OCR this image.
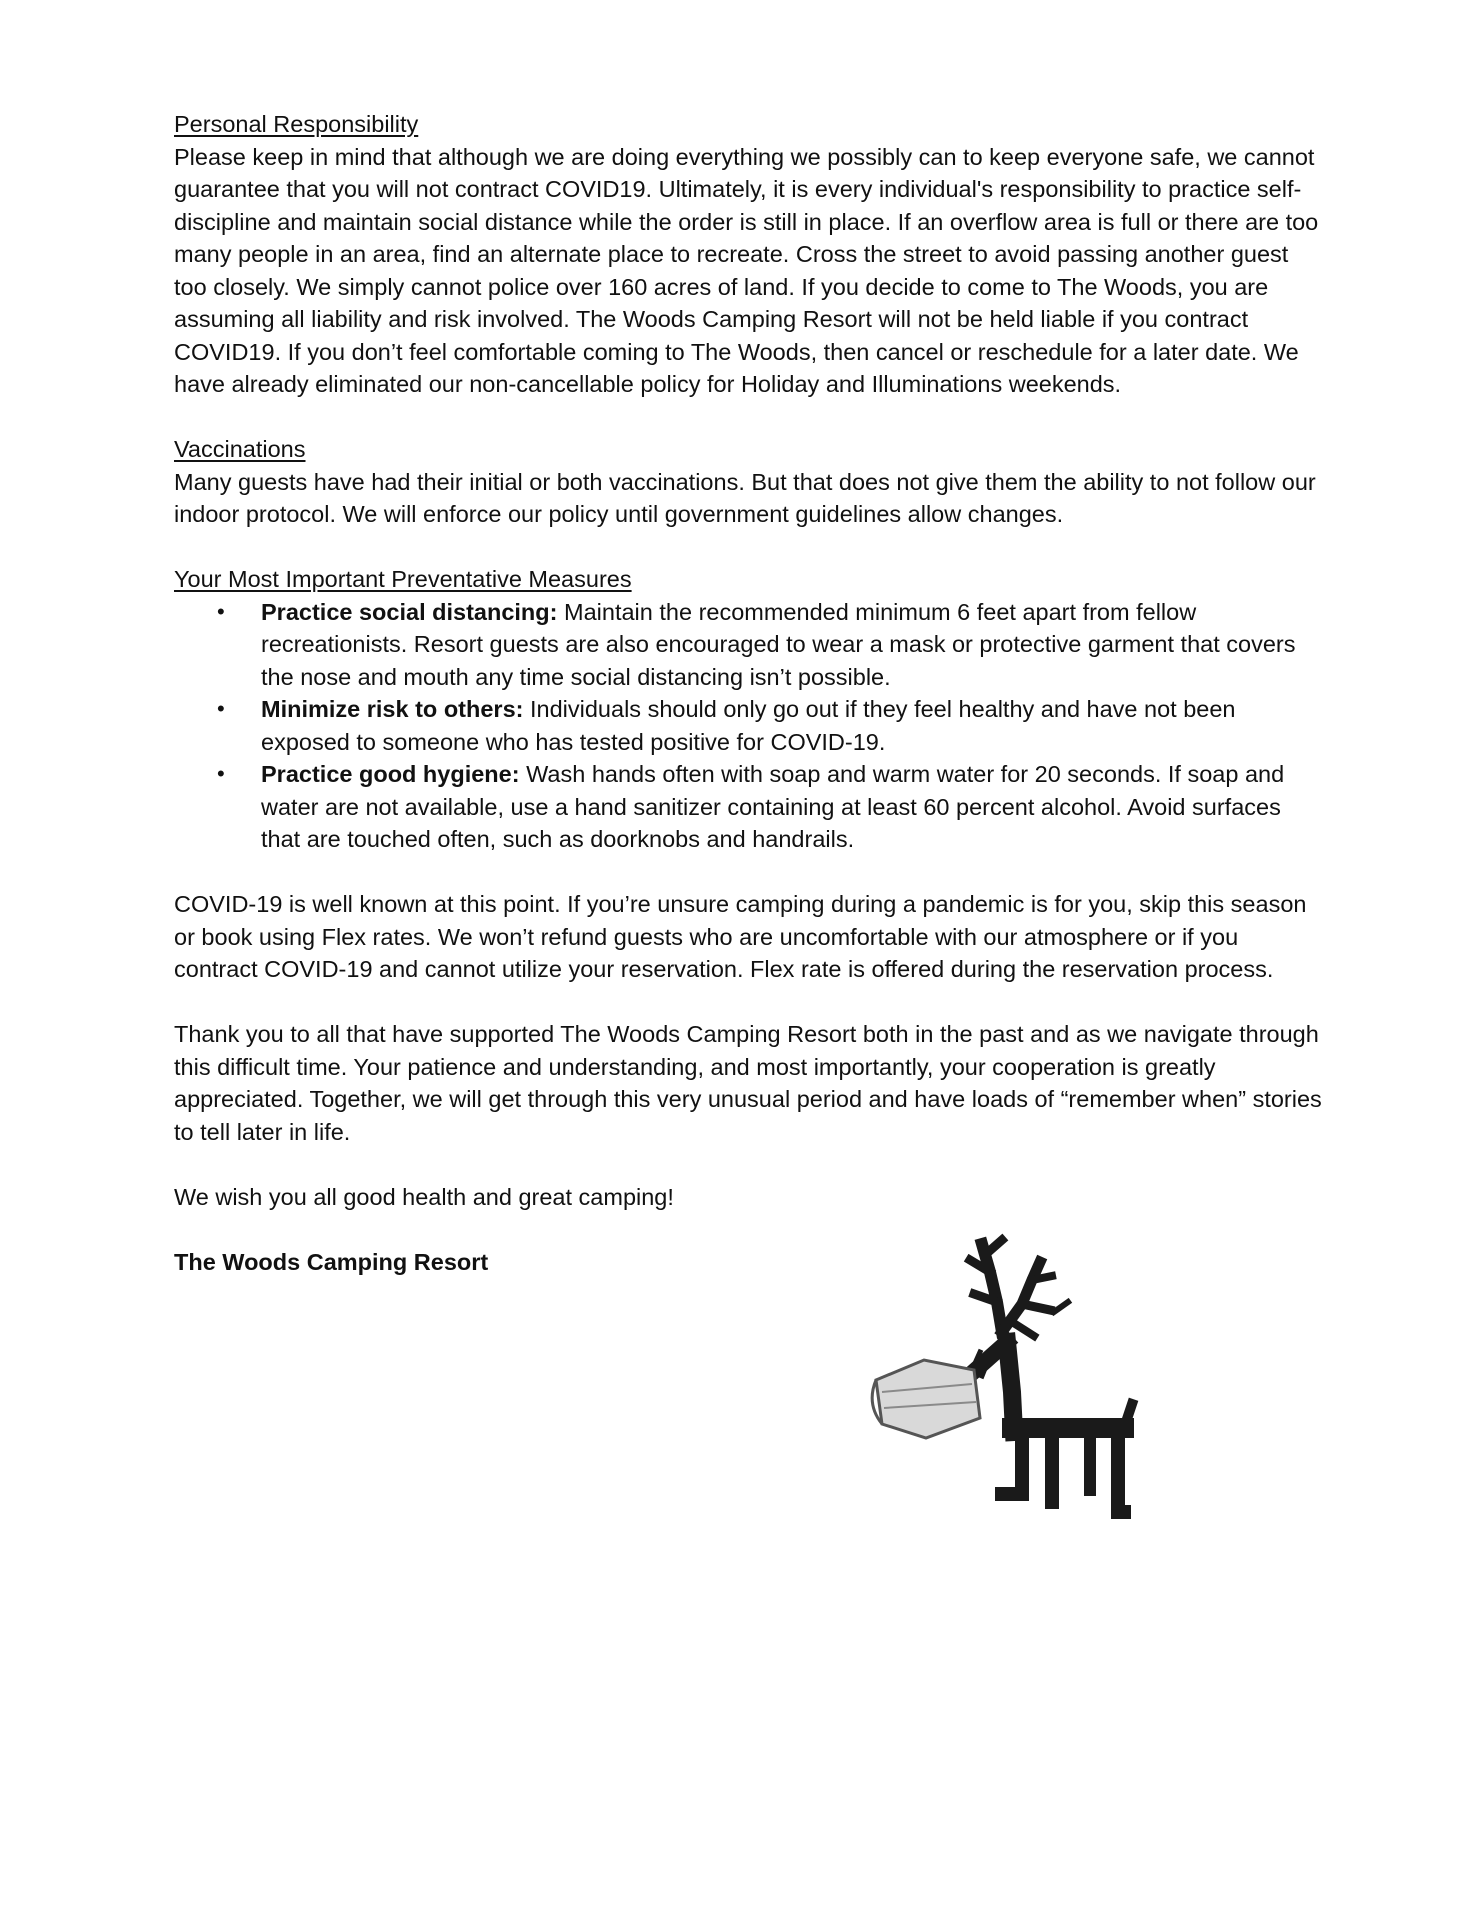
Personal Responsibility

Please keep in mind that although we are doing everything we possibly can to keep everyone safe, we cannot guarantee that you will not contract COVID19. Ultimately, it is every individual's responsibility to practice self-discipline and maintain social distance while the order is still in place. If an overflow area is full or there are too many people in an area, find an alternate place to recreate. Cross the street to avoid passing another guest too closely. We simply cannot police over 160 acres of land. If you decide to come to The Woods, you are assuming all liability and risk involved. The Woods Camping Resort will not be held liable if you contract COVID19. If you don’t feel comfortable coming to The Woods, then cancel or reschedule for a later date. We have already eliminated our non-cancellable policy for Holiday and Illuminations weekends.

Vaccinations

Many guests have had their initial or both vaccinations. But that does not give them the ability to not follow our indoor protocol. We will enforce our policy until government guidelines allow changes.

Your Most Important Preventative Measures
• Practice social distancing: Maintain the recommended minimum 6 feet apart from fellow recreationists. Resort guests are also encouraged to wear a mask or protective garment that covers the nose and mouth any time social distancing isn’t possible.
• Minimize risk to others: Individuals should only go out if they feel healthy and have not been exposed to someone who has tested positive for COVID-19.
• Practice good hygiene: Wash hands often with soap and warm water for 20 seconds. If soap and water are not available, use a hand sanitizer containing at least 60 percent alcohol. Avoid surfaces that are touched often, such as doorknobs and handrails.

COVID-19 is well known at this point. If you’re unsure camping during a pandemic is for you, skip this season or book using Flex rates. We won’t refund guests who are uncomfortable with our atmosphere or if you contract COVID-19 and cannot utilize your reservation. Flex rate is offered during the reservation process.

Thank you to all that have supported The Woods Camping Resort both in the past and as we navigate through this difficult time. Your patience and understanding, and most importantly, your cooperation is greatly appreciated. Together, we will get through this very unusual period and have loads of “remember when” stories to tell later in life.

We wish you all good health and great camping!

The Woods Camping Resort
